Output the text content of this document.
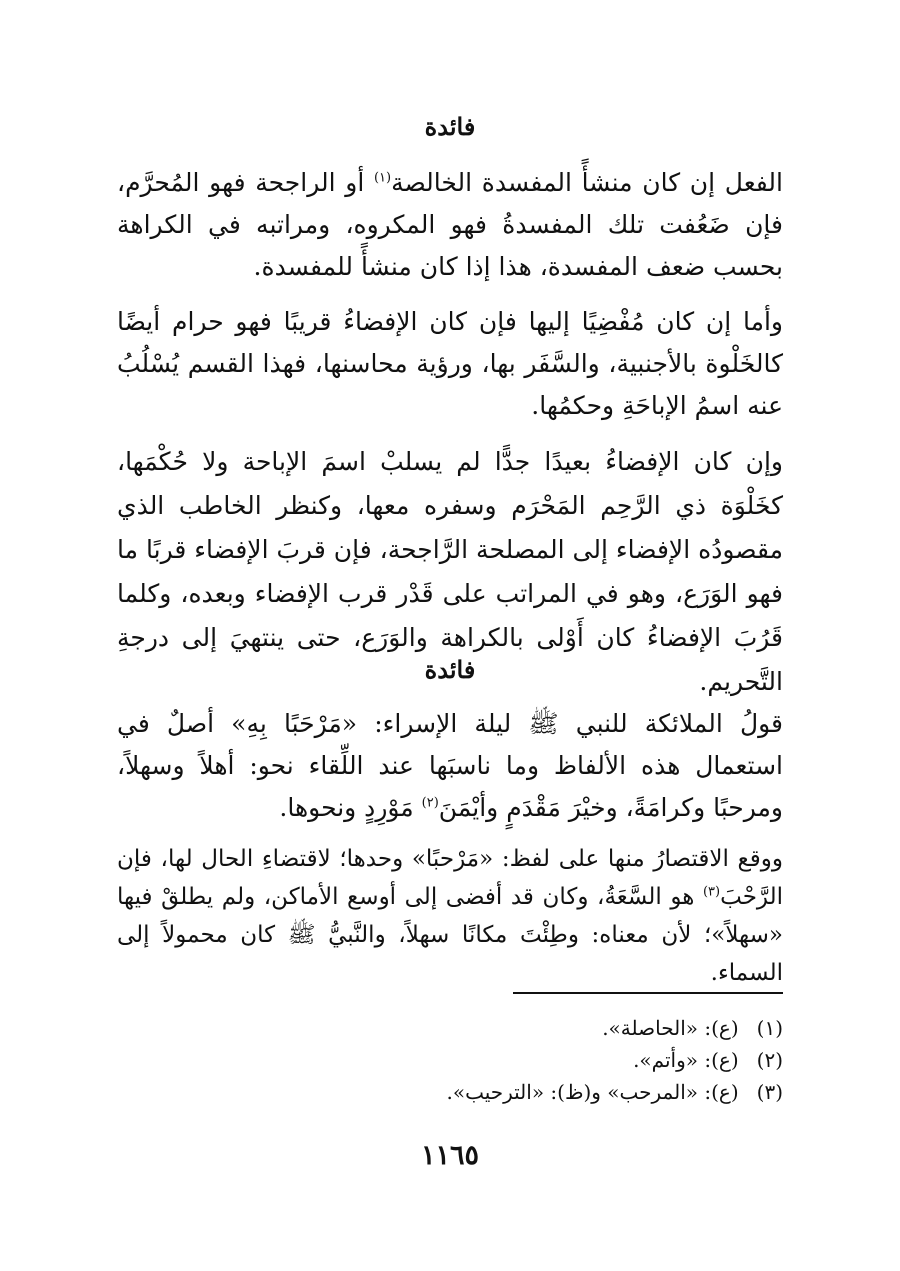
فائدة

الفعل إن كان منشأً المفسدة الخالصة$^{(١)}$ أو الراجحة فهو المُحرَّم، فإن ضَعُفت تلك المفسدةُ فهو المكروه، ومراتبه في الكراهة بحسب ضعف المفسدة، هذا إذا كان منشأً للمفسدة.

وأما إن كان مُفْضِيًا إليها فإن كان الإفضاءُ قريبًا فهو حرام أيضًا كالخَلْوة بالأجنبية، والسَّفَر بها، ورؤية محاسنها، فهذا القسم يُسْلُبُ عنه اسمُ الإباحَةِ وحكمُها.

وإن كان الإفضاءُ بعيدًا جدًّا لم يسلبْ اسمَ الإباحة ولا حُكْمَها، كخَلْوَة ذي الرَّحِم المَحْرَم وسفره معها، وكنظر الخاطب الذي مقصودُه الإفضاء إلى المصلحة الرَّاجحة، فإن قربَ الإفضاء قربًا ما فهو الوَرَع، وهو في المراتب على قَدْر قرب الإفضاء وبعده، وكلما قَرُبَ الإفضاءُ كان أَوْلى بالكراهة والوَرَع، حتى ينتهيَ إلى درجةِ التَّحريم.

فائدة

قولُ الملائكة للنبي ﷺ ليلة الإسراء: «مَرْحَبًا بِهِ» أصلٌ في استعمال هذه الألفاظ وما ناسبَها عند اللِّقاء نحو: أهلاً وسهلاً، ومرحبًا وكرامَةً، وخيْرَ مَقْدَمٍ وأيْمَنَ$^{(٢)}$ مَوْرِدٍ ونحوها.

ووقع الاقتصارُ منها على لفظ: «مَرْحبًا» وحدها؛ لاقتضاءِ الحال لها، فإن الرَّحْبَ$^{(٣)}$ هو السَّعَةُ، وكان قد أفضى إلى أوسع الأماكن، ولم يطلقْ فيها «سهلاً»؛ لأن معناه: وطِئْتَ مكانًا سهلاً، والنَّبيُّ ﷺ كان محمولاً إلى السماء.

(١) (ع): «الحاصلة».
(٢) (ع): «وأتم».
(٣) (ع): «المرحب» و(ظ): «الترحيب».
١١٦٥
